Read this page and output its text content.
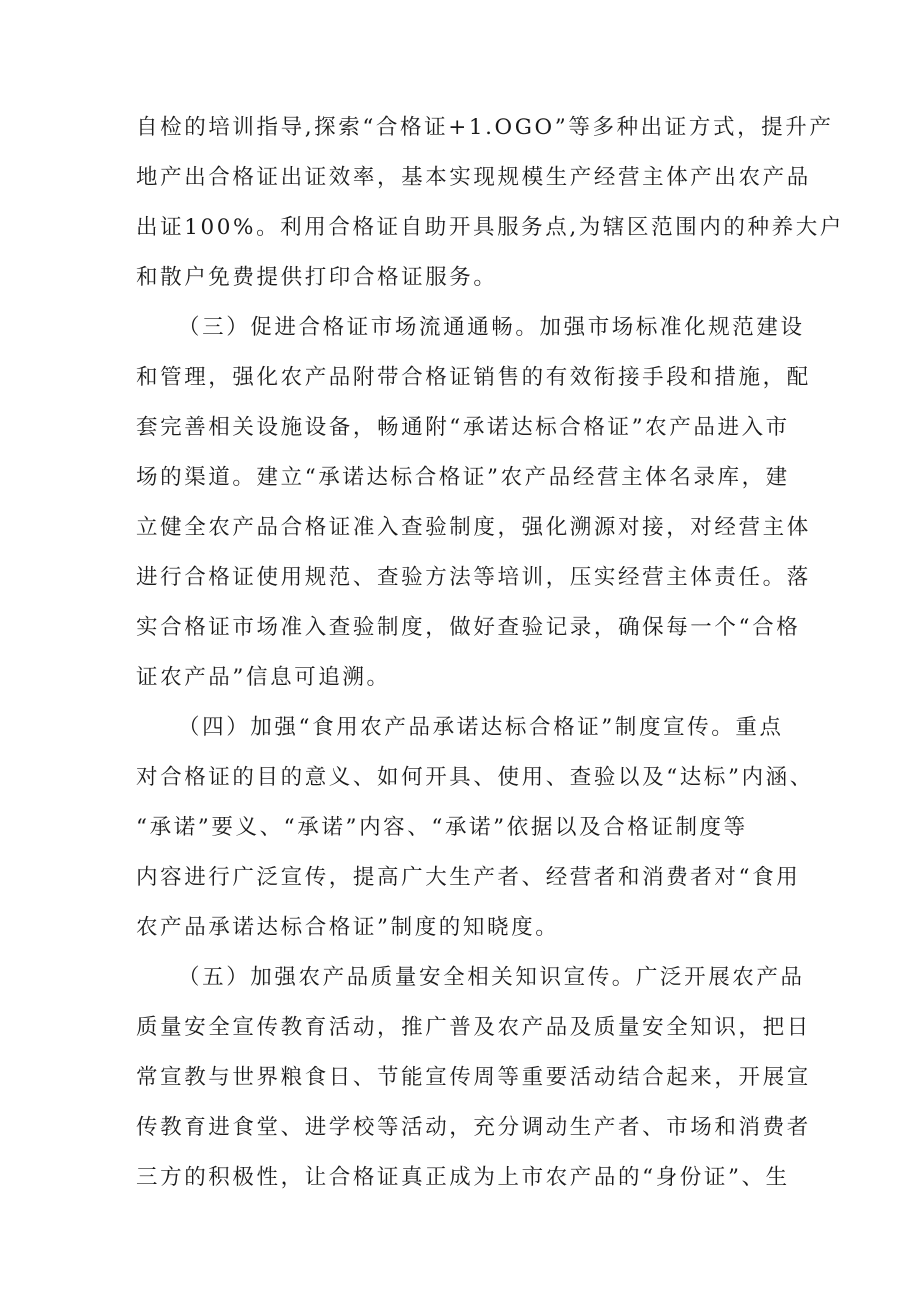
自检的培训指导,探索“合格证+1.OGO”等多种出证方式，提升产
地产出合格证出证效率，基本实现规模生产经营主体产出农产品
出证100%。利用合格证自助开具服务点,为辖区范围内的种养大户
和散户免费提供打印合格证服务。
（三）促进合格证市场流通通畅。加强市场标准化规范建设
和管理，强化农产品附带合格证销售的有效衔接手段和措施，配
套完善相关设施设备，畅通附“承诺达标合格证”农产品进入市
场的渠道。建立“承诺达标合格证”农产品经营主体名录库，建
立健全农产品合格证准入查验制度，强化溯源对接，对经营主体
进行合格证使用规范、查验方法等培训，压实经营主体责任。落
实合格证市场准入查验制度，做好查验记录，确保每一个“合格
证农产品”信息可追溯。
（四）加强“食用农产品承诺达标合格证”制度宣传。重点
对合格证的目的意义、如何开具、使用、查验以及“达标”内涵、
“承诺”要义、“承诺”内容、“承诺”依据以及合格证制度等
内容进行广泛宣传，提高广大生产者、经营者和消费者对“食用
农产品承诺达标合格证”制度的知晓度。
（五）加强农产品质量安全相关知识宣传。广泛开展农产品
质量安全宣传教育活动，推广普及农产品及质量安全知识，把日
常宣教与世界粮食日、节能宣传周等重要活动结合起来，开展宣
传教育进食堂、进学校等活动，充分调动生产者、市场和消费者
三方的积极性，让合格证真正成为上市农产品的“身份证”、生
